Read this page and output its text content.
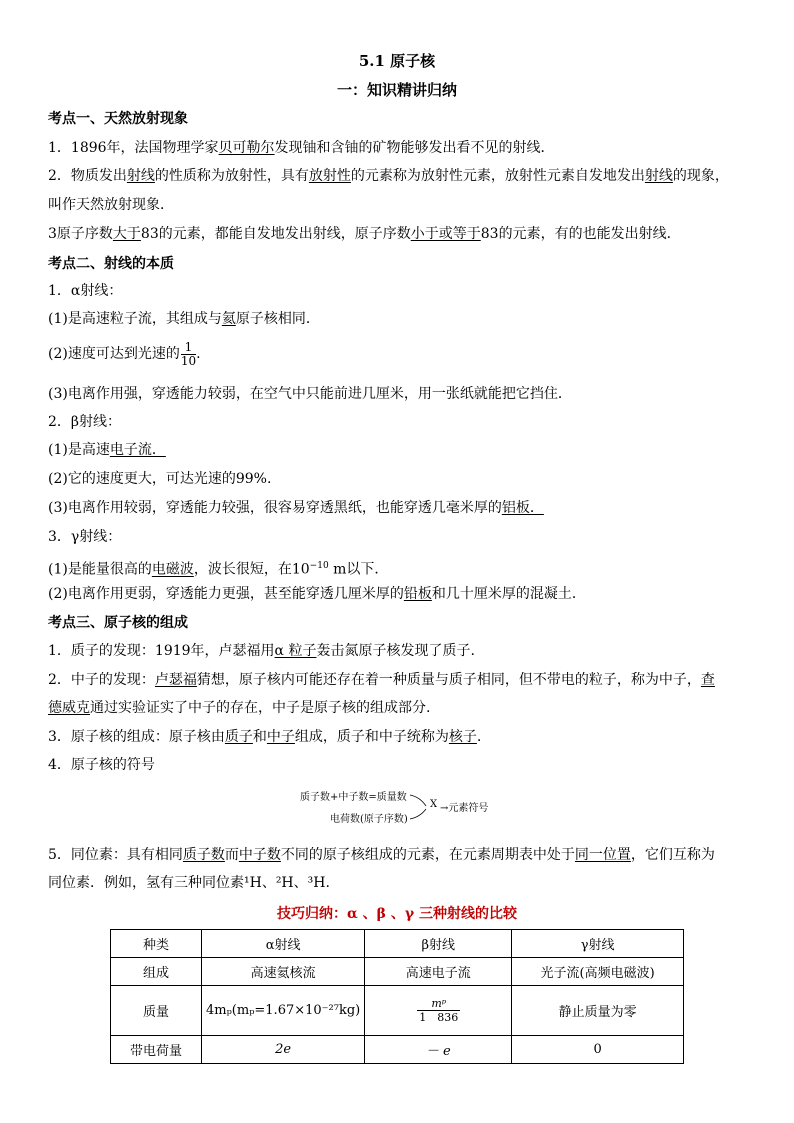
5.1 原子核
一：知识精讲归纳
考点一、天然放射现象
1．1896年，法国物理学家贝可勒尔发现铀和含铀的矿物能够发出看不见的射线．
2．物质发出射线的性质称为放射性，具有放射性的元素称为放射性元素，放射性元素自发地发出射线的现象，
叫作天然放射现象．
3原子序数大于83的元素，都能自发地发出射线，原子序数小于或等于83的元素，有的也能发出射线．
考点二、射线的本质
1．α射线：
(1)是高速粒子流，其组成与氦原子核相同．
(2)速度可达到光速的 $\frac{1}{10}$ .
(3)电离作用强，穿透能力较弱，在空气中只能前进几厘米，用一张纸就能把它挡住．
2．β射线：
(1)是高速电子流．
(2)它的速度更大，可达光速的99%.
(3)电离作用较弱，穿透能力较强，很容易穿透黑纸，也能穿透几毫米厚的铝板．
3．γ射线：
(1)是能量很高的电磁波，波长很短，在$10^{-10}$ m以下．
(2)电离作用更弱，穿透能力更强，甚至能穿透几厘米厚的铅板和几十厘米厚的混凝土．
考点三、原子核的组成
1．质子的发现：1919年，卢瑟福用α 粒子轰击氮原子核发现了质子.
2．中子的发现：卢瑟福猜想，原子核内可能还存在着一种质量与质子相同，但不带电的粒子，称为中子，查
德威克通过实验证实了中子的存在，中子是原子核的组成部分.
3．原子核的组成：原子核由质子和中子组成，质子和中子统称为核子.
4．原子核的符号
质子数+中子数=质量数
电荷数(原子序数)
X →元素符号
5．同位素：具有相同质子数而中子数不同的原子核组成的元素，在元素周期表中处于同一位置，它们互称为
同位素．例如，氢有三种同位素¹H、²H、³H.
技巧归纳：α 、β 、γ 三种射线的比较
种类	α射线	β射线	γ射线
组成	高速氦核流	高速电子流	光子流(高频电磁波)
质量	4mₚ(mₚ=1.67×10⁻²⁷kg)	$\frac{\text{mᵖ}}{1 836}$	静止质量为零
带电荷量	2e	－ e	0
